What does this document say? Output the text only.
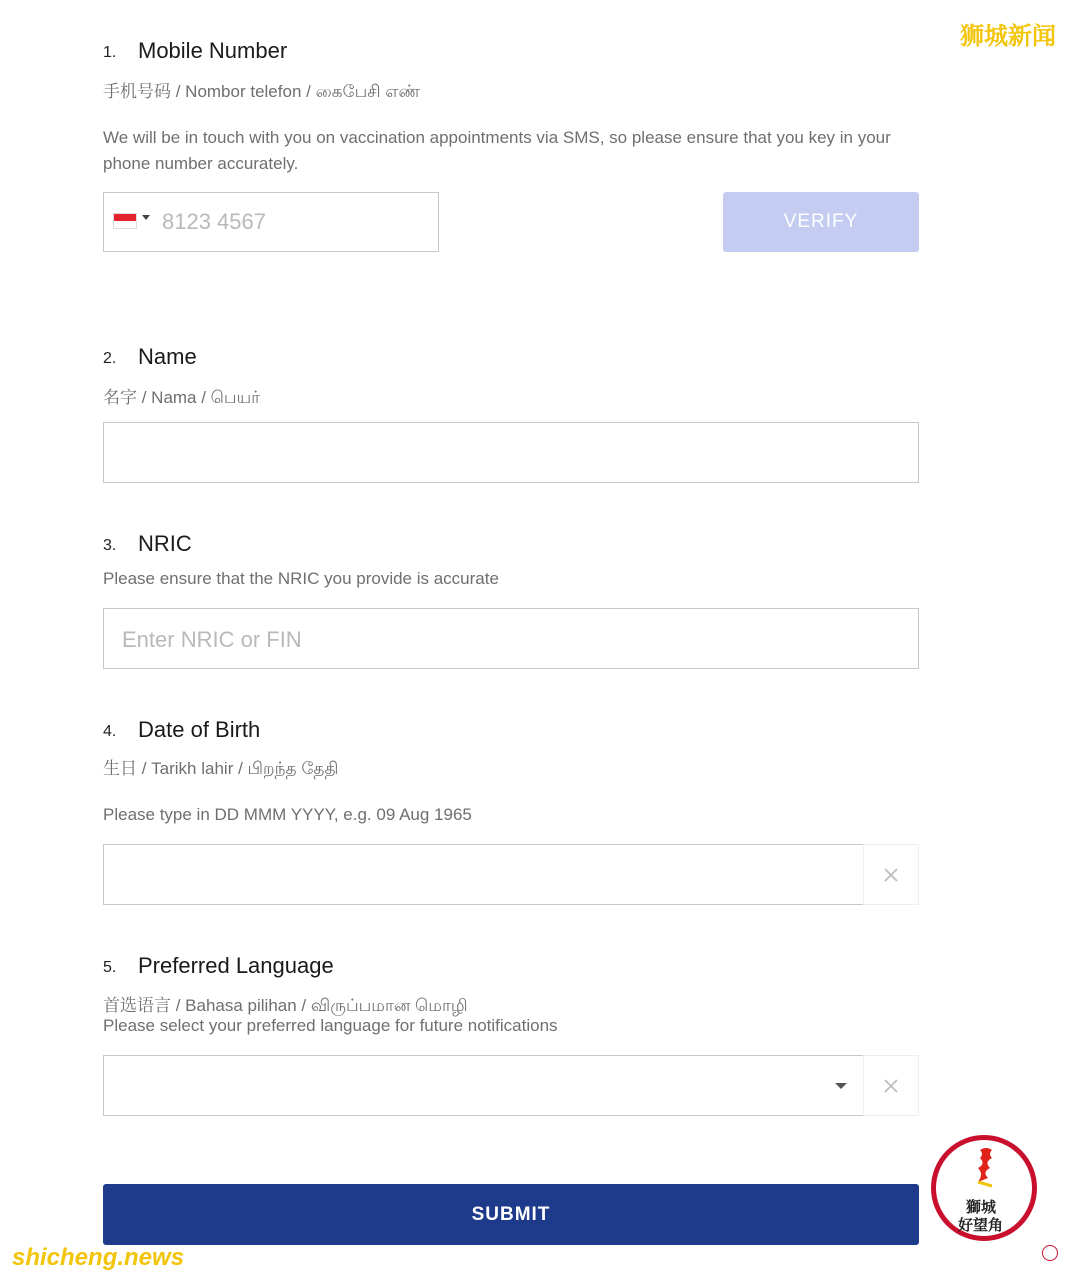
狮城新闻
1. Mobile Number
手机号码 / Nombor telefon / கைபேசி எண்
We will be in touch with you on vaccination appointments via SMS, so please ensure that you key in your phone number accurately.
8123 4567	VERIFY
2. Name
名字 / Nama / பெயர்
3. NRIC
Please ensure that the NRIC you provide is accurate
Enter NRIC or FIN
4. Date of Birth
生日 / Tarikh lahir / பிறந்த தேதி
Please type in DD MMM YYYY, e.g. 09 Aug 1965
5. Preferred Language
首选语言 / Bahasa pilihan / விருப்பமான மொழி
Please select your preferred language for future notifications
SUBMIT	獅城
好望角
shicheng.news
